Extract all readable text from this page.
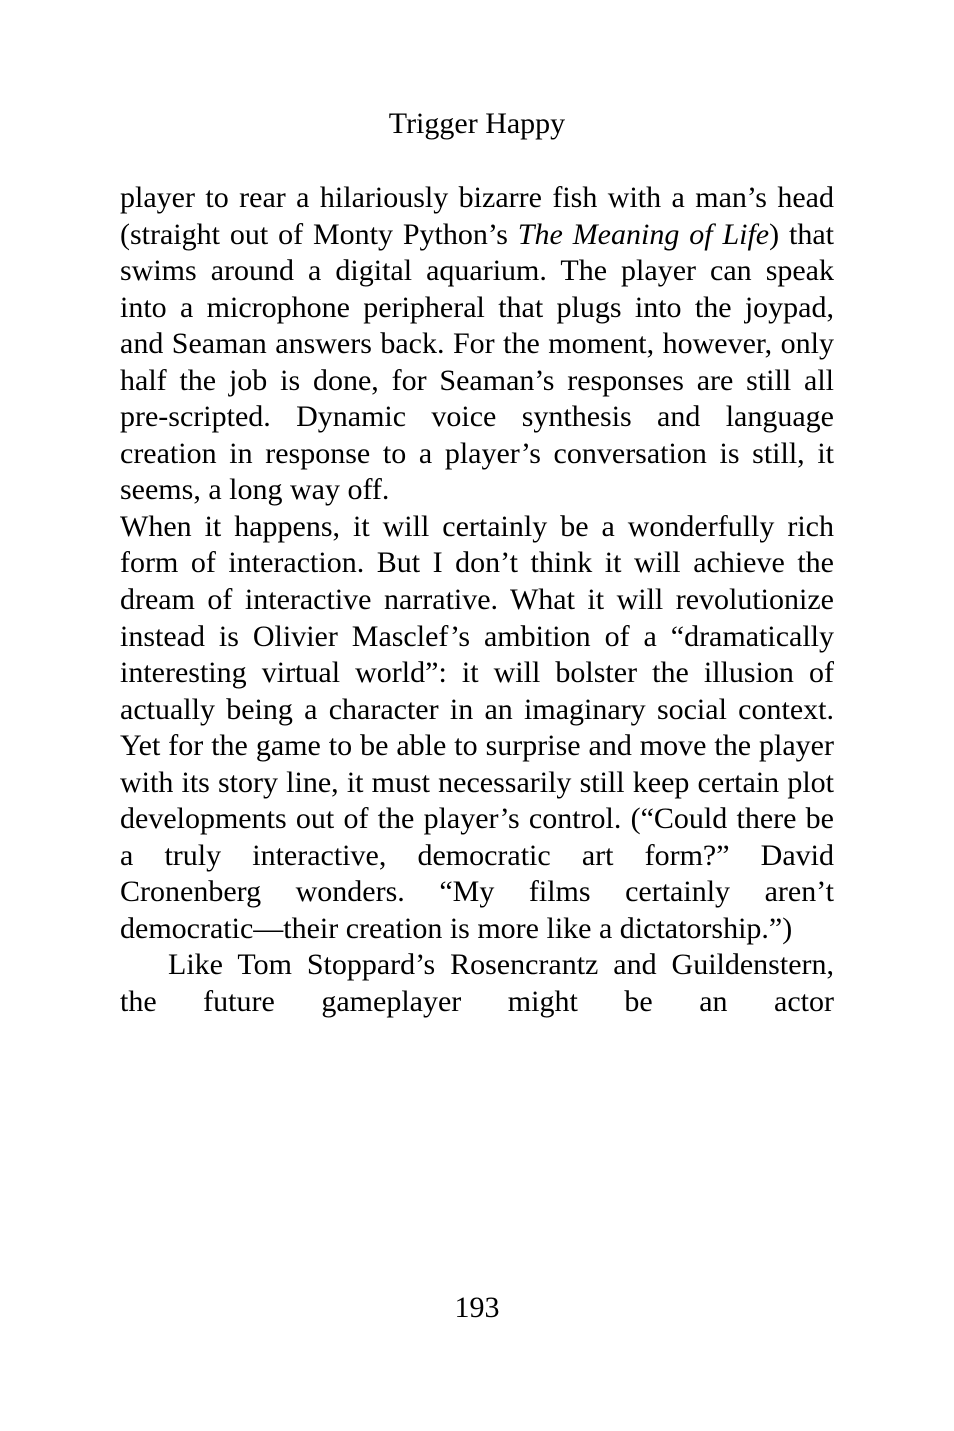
Trigger Happy

player to rear a hilariously bizarre fish with a man’s head (straight out of Monty Python’s The Meaning of Life) that swims around a digital aquarium. The player can speak into a microphone peripheral that plugs into the joypad, and Seaman answers back. For the moment, however, only half the job is done, for Seaman’s responses are still all pre-scripted. Dynamic voice synthesis and language creation in response to a player’s conversation is still, it seems, a long way off.

When it happens, it will certainly be a wonderfully rich form of interaction. But I don’t think it will achieve the dream of interactive narrative. What it will revolutionize instead is Olivier Masclef’s ambition of a “dramatically interesting virtual world”: it will bolster the illusion of actually being a character in an imaginary social context. Yet for the game to be able to surprise and move the player with its story line, it must necessarily still keep certain plot developments out of the player’s control. (“Could there be a truly interactive, democratic art form?” David Cronenberg wonders. “My films certainly aren’t democratic—their creation is more like a dictatorship.”)

Like Tom Stoppard’s Rosencrantz and Guildenstern, the future gameplayer might be an actor

193
